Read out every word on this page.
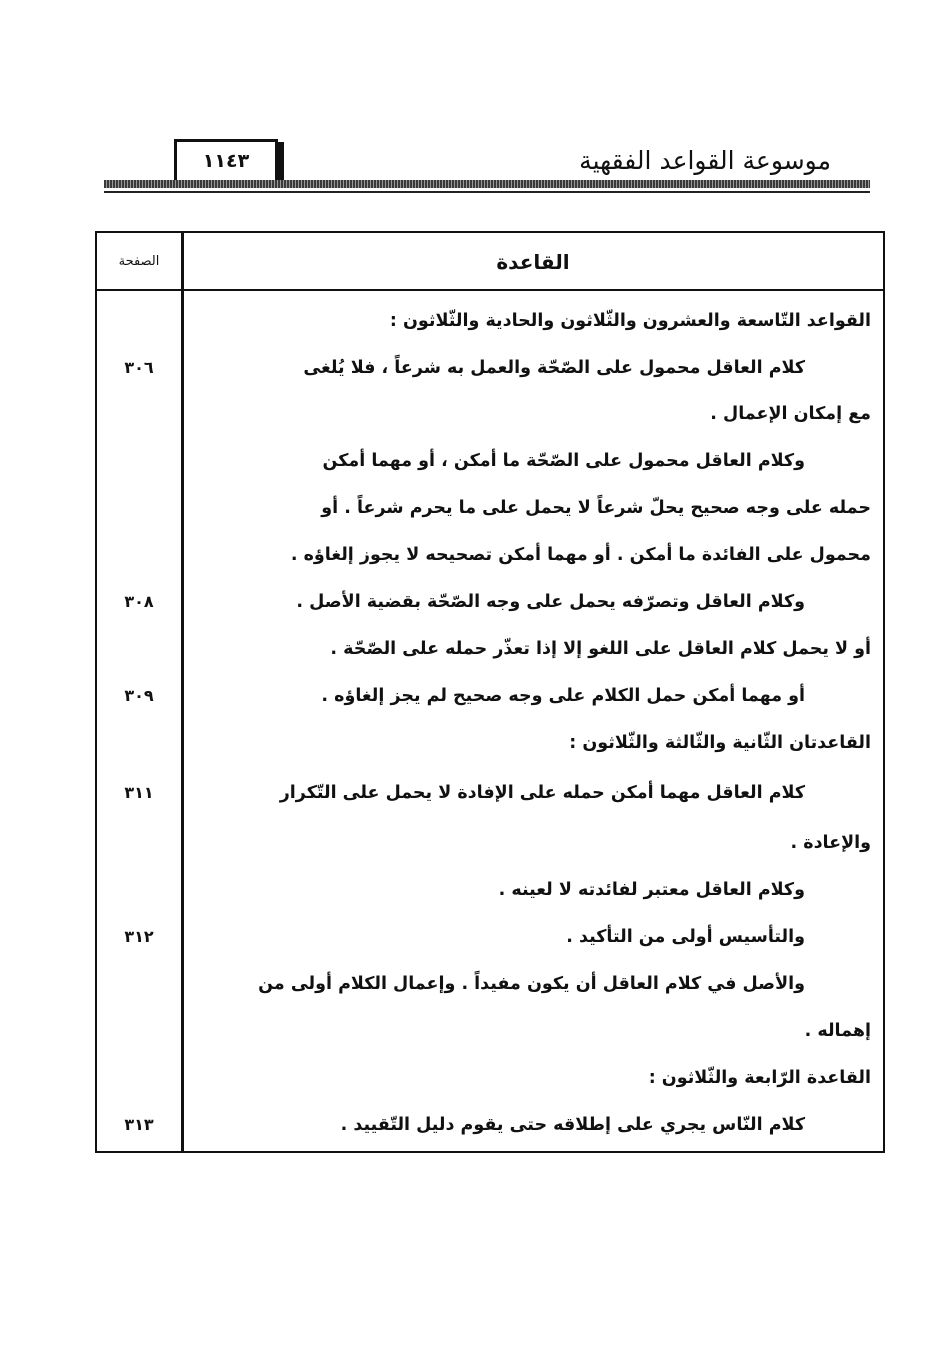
موسوعة القواعد الفقهية
١١٤٣
القاعدة
الصفحة
القواعد التّاسعة والعشرون والثّلاثون والحادية والثّلاثون :
كلام العاقل محمول على الصّحّة والعمل به شرعاً ، فلا يُلغى
مع إمكان الإعمال .
وكلام العاقل محمول على الصّحّة ما أمكن ، أو مهما أمكن
حمله على وجه صحيح يحلّ شرعاً لا يحمل على ما يحرم شرعاً . أو
محمول على الفائدة ما أمكن . أو مهما أمكن تصحيحه لا يجوز إلغاؤه .
وكلام العاقل وتصرّفه يحمل على وجه الصّحّة بقضية الأصل .
أو لا يحمل كلام العاقل على اللغو إلا إذا تعذّر حمله على الصّحّة .
أو مهما أمكن حمل الكلام على وجه صحيح لم يجز إلغاؤه .
القاعدتان الثّانية والثّالثة والثّلاثون :
كلام العاقل مهما أمكن حمله على الإفادة لا يحمل على التّكرار
والإعادة .
وكلام العاقل معتبر لفائدته لا لعينه .
والتأسيس أولى من التأكيد .
والأصل في كلام العاقل أن يكون مفيداً . وإعمال الكلام أولى من
إهماله .
القاعدة الرّابعة والثّلاثون :
كلام النّاس يجري على إطلاقه حتى يقوم دليل التّقييد .
٣٠٦
٣٠٨
٣٠٩
٣١١
٣١٢
٣١٣
